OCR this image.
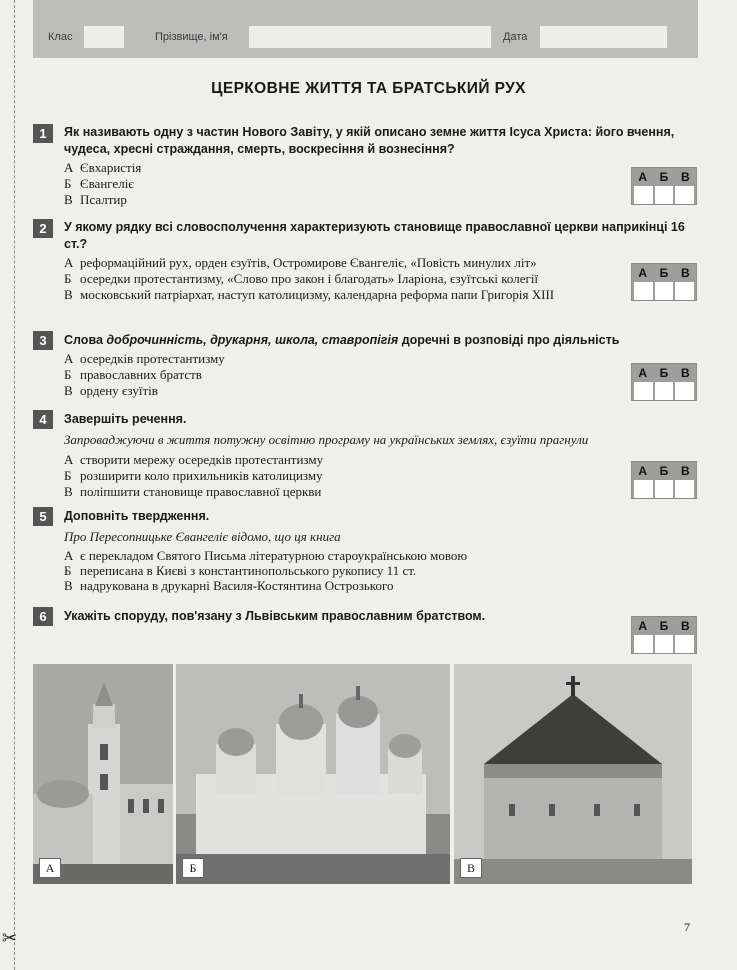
✂
Клас	Прізвище, ім'я	Дата
ЦЕРКОВНЕ ЖИТТЯ ТА БРАТСЬКИЙ РУХ
1	Як називають одну з частин Нового Завіту, у якій описано земне життя Ісуса Христа: його вчення, чудеса, хресні страждання, смерть, воскресіння й вознесіння?
А Євхаристія
Б Євангеліє
В Псалтир
А	Б	В
2	У якому рядку всі словосполучення характеризують становище православної церкви наприкінці 16 ст.?
А реформаційний рух, орден єзуїтів, Остромирове Євангеліє, «Повість минулих літ»
Б осередки протестантизму, «Слово про закон і благодать» Іларіона, єзуїтські колегії
В московський патріархат, наступ католицизму, календарна реформа папи Григорія XIII
А	Б	В
3	Слова доброчинність, друкарня, школа, ставропігія доречні в розповіді про діяльність
А осередків протестантизму
Б православних братств
В ордену єзуїтів
А	Б	В
4	Завершіть речення.
Запроваджуючи в життя потужну освітню програму на українських землях, єзуїти прагнули
А створити мережу осередків протестантизму
Б розширити коло прихильників католицизму
В поліпшити становище православної церкви
А	Б	В
5	Доповніть твердження.
Про Пересопницьке Євангеліє відомо, що ця книга
А є перекладом Святого Письма літературною староукраїнською мовою
Б переписана в Києві з константинопольського рукопису 11 ст.
В надрукована в друкарні Василя-Костянтина Острозького
6	Укажіть споруду, пов'язану з Львівським православним братством.
А	Б	В
А	Б	В
7
